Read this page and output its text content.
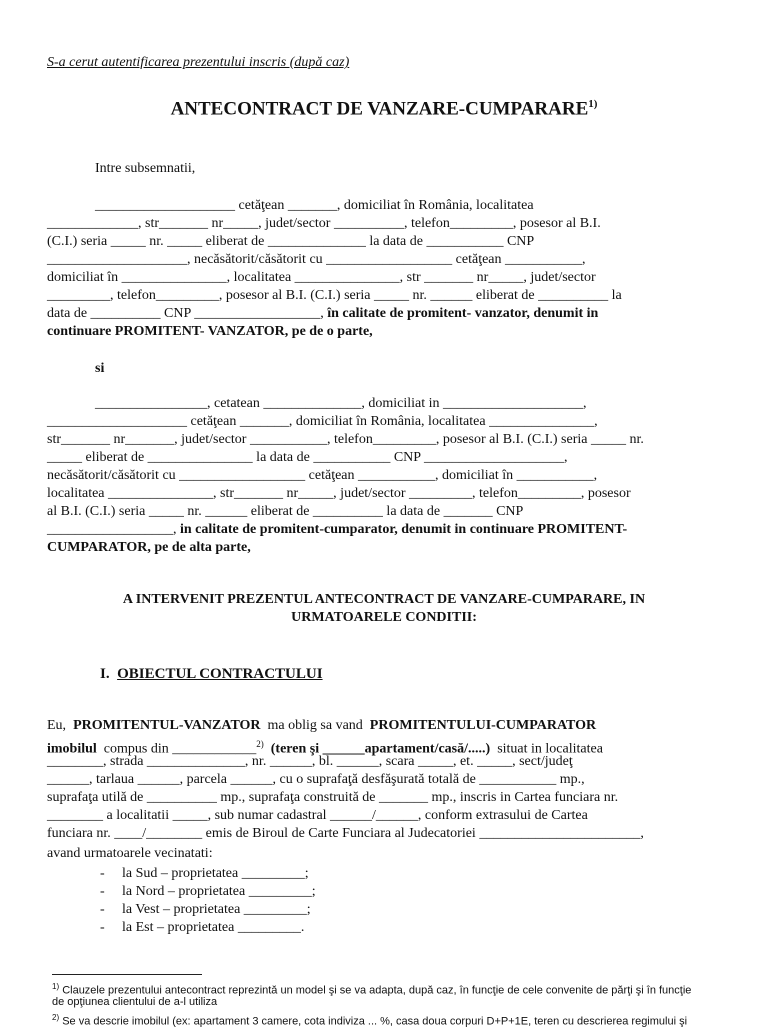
S-a cerut autentificarea prezentului inscris (după caz)
ANTECONTRACT DE VANZARE-CUMPARARE$^{1)}$
Intre subsemnatii,
____________________ cetăţean _______, domiciliat în România, localitatea
_____________, str_______ nr_____, judet/sector __________, telefon_________, posesor al B.I.
(C.I.) seria _____ nr. _____ eliberat de ______________ la data de ___________ CNP
____________________, necăsătorit/căsătorit cu __________________ cetăţean ___________,
domiciliat în _______________, localitatea _______________, str _______ nr_____, judet/sector
_________, telefon_________, posesor al B.I. (C.I.) seria _____ nr. ______ eliberat de __________ la
data de __________ CNP __________________, în calitate de promitent- vanzator, denumit in
continuare PROMITENT- VANZATOR, pe de o parte,
si
________________, cetatean ______________, domiciliat in ____________________,
____________________ cetăţean _______, domiciliat în România, localitatea _______________,
str_______ nr_______, judet/sector ___________, telefon_________, posesor al B.I. (C.I.) seria _____ nr.
_____ eliberat de _______________ la data de ___________ CNP ____________________,
necăsătorit/căsătorit cu __________________ cetăţean ___________, domiciliat în ___________,
localitatea _______________, str_______ nr_____, judet/sector _________, telefon_________, posesor
al B.I. (C.I.) seria _____ nr. ______ eliberat de __________ la data de _______ CNP
__________________, in calitate de promitent-cumparator, denumit in continuare PROMITENT-
CUMPARATOR, pe de alta parte,
A INTERVENIT PREZENTUL ANTECONTRACT DE VANZARE-CUMPARARE, IN
URMATOARELE CONDITII:
I. OBIECTUL CONTRACTULUI
Eu, PROMITENTUL-VANZATOR ma oblig sa vand PROMITENTULUI-CUMPARATOR
imobilul compus din ____________$^{2)}$ (teren şi ______apartament/casă/.....) situat in localitatea
________, strada ______________, nr. ______, bl. ______, scara _____, et. _____, sect/judeţ
______, tarlaua ______, parcela ______, cu o suprafaţă desfăşurată totală de ___________ mp.,
suprafaţa utilă de __________ mp., suprafaţa construită de _______ mp., inscris in Cartea funciara nr.
________ a localitatii _____, sub numar cadastral ______/______, conform extrasului de Cartea
funciara nr. ____/________ emis de Biroul de Carte Funciara al Judecatoriei _______________________,
avand urmatoarele vecinatati:
- la Sud – proprietatea _________;
- la Nord – proprietatea _________;
- la Vest – proprietatea _________;
- la Est – proprietatea _________.
$^{1)}$ Clauzele prezentului antecontract reprezintă un model şi se va adapta, după caz, în funcţie de cele convenite de părţi şi în funcţie
de opţiunea clientului de a-l utiliza
$^{2)}$ Se va descrie imobilul (ex: apartament 3 camere, cota indiviza ... %, casa doua corpuri D+P+1E, teren cu descrierea regimului şi
